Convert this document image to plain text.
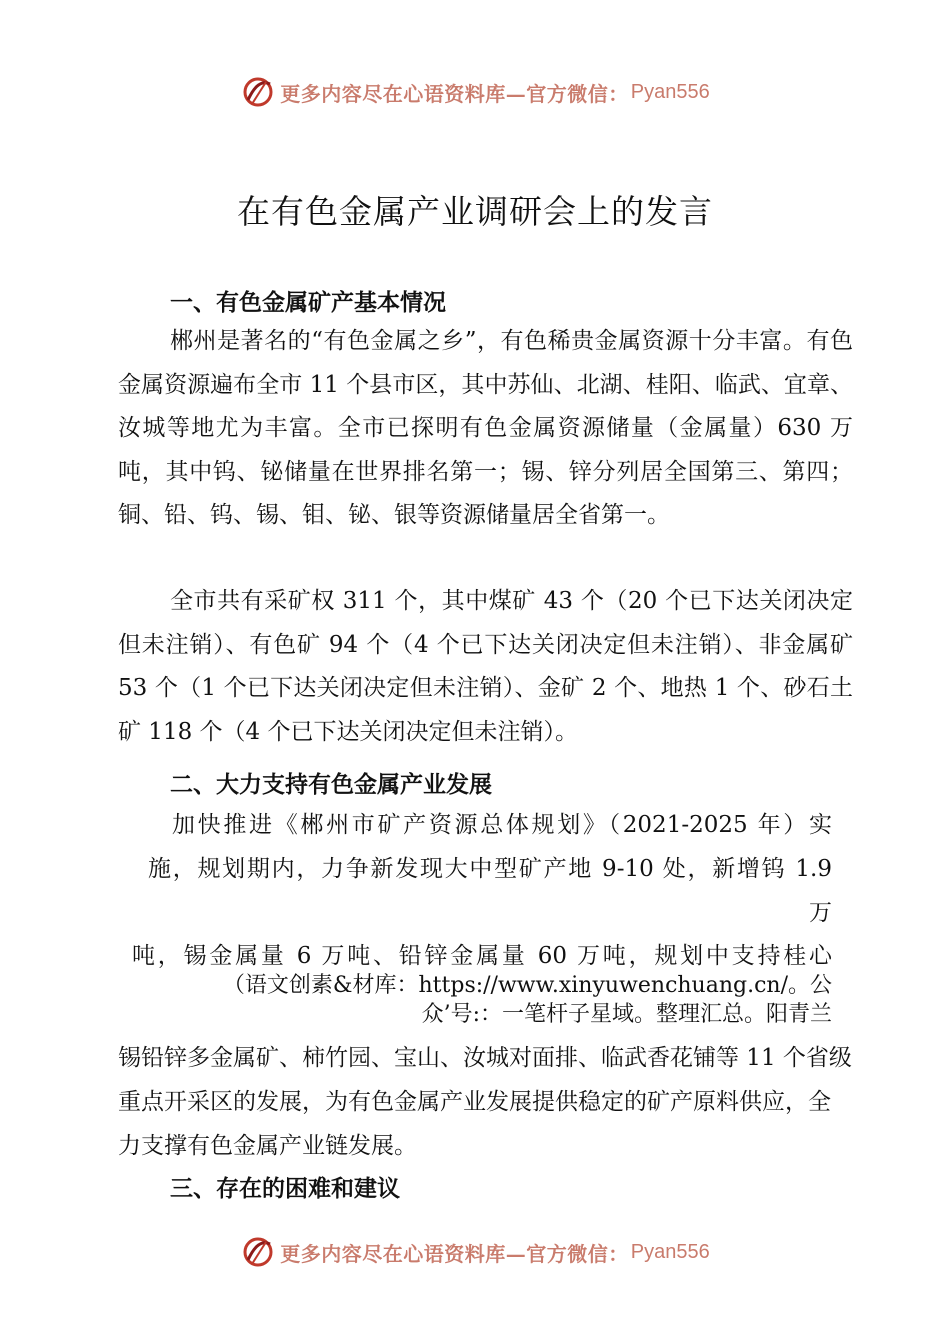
更多内容尽在心语资料库—官方微信： Pyan556
在有色金属产业调研会上的发言
一、有色金属矿产基本情况

郴州是著名的“有色金属之乡”，有色稀贵金属资源十分丰富。有色金属资源遍布全市 11 个县市区，其中苏仙、北湖、桂阳、临武、宜章、汝城等地尤为丰富。全市已探明有色金属资源储量（金属量）630 万吨，其中钨、铋储量在世界排名第一；锡、锌分列居全国第三、第四；铜、铅、钨、锡、钼、铋、银等资源储量居全省第一。

全市共有采矿权 311 个，其中煤矿 43 个（20 个已下达关闭决定但未注销）、有色矿 94 个（4 个已下达关闭决定但未注销）、非金属矿 53 个（1 个已下达关闭决定但未注销）、金矿 2 个、地热 1 个、砂石土矿 118 个（4 个已下达关闭决定但未注销）。

二、大力支持有色金属产业发展
加快推进《郴州市矿产资源总体规划》（2021-2025 年）实
施，规划期内，力争新发现大中型矿产地 9-10 处，新增钨 1.9
万
吨，锡金属量 6 万吨、铅锌金属量 60 万吨，规划中支持桂心
（语文创素&材库：https://www.xinyuwenchuang.cn/。公
众’号:：一笔杆子星域。整理汇总。阳青兰

锡铅锌多金属矿、柿竹园、宝山、汝城对面排、临武香花铺等 11 个省级重点开采区的发展，为有色金属产业发展提供稳定的矿产原料供应，全力支撑有色金属产业链发展。

三、存在的困难和建议
更多内容尽在心语资料库—官方微信： Pyan556
